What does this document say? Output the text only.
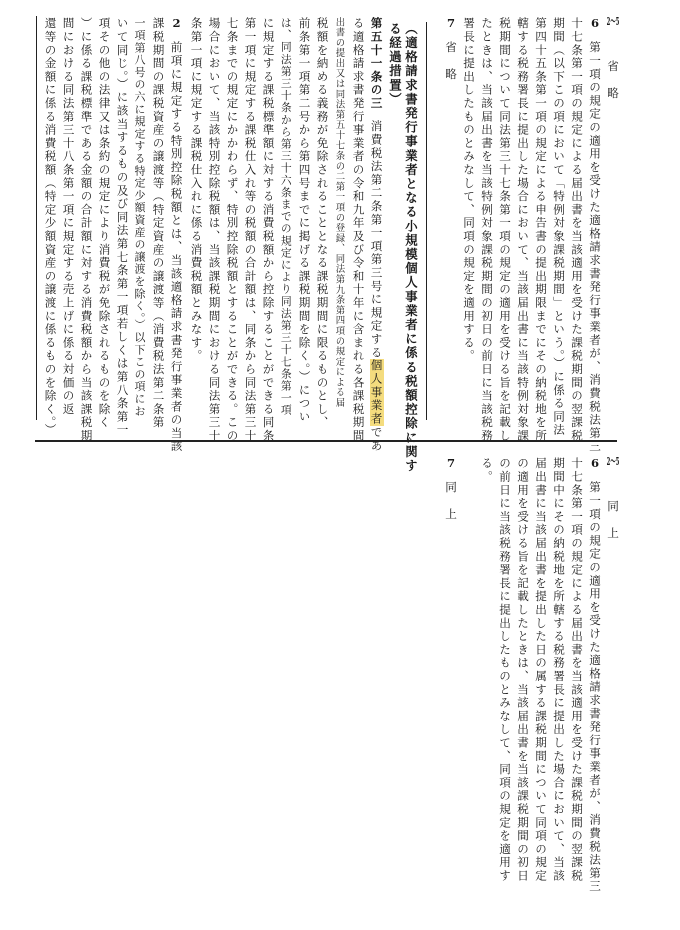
2〜5
省　略
6
第一項の規定の適用を受けた適格請求書発行事業者が、消費税法第三
十七条第一項の規定による届出書を当該適用を受けた課税期間の翌課税
期間（以下この項において「特例対象課税期間」という。）に係る同法
第四十五条第一項の規定による申告書の提出期限までにその納税地を所
轄する税務署長に提出した場合において、当該届出書に当該特例対象課
税期間について同法第三十七条第一項の規定の適用を受ける旨を記載し
たときは、当該届出書を当該特例対象課税期間の初日の前日に当該税務
署長に提出したものとみなして、同項の規定を適用する。
7
省　略
（適格請求書発行事業者となる小規模個人事業者に係る税額控除に関す
る経過措置）
第五十一条の三
消費税法第二条第一項第三号に規定する個人事業者であ
る適格請求書発行事業者の令和九年及び令和十年に含まれる各課税期間
出書の提出又は同法第五十七条の二第一項の登録、同法第九条第四項の規定による届
税額を納める義務が免除されることとなる課税期間に限るものとし、
前条第一項第二号から第四号までに掲げる課税期間を除く。）につい
は、同法第三十条から第三十六条までの規定により同法第三十七条第一項
に規定する課税標準額に対する消費税額から控除することができる同条
第一項に規定する課税仕入れ等の税額の合計額は、同条から同法第三十
七条までの規定にかかわらず、特別控除税額とすることができる。この
場合において、当該特別控除税額は、当該課税期間における同法第三十
条第一項に規定する課税仕入れに係る消費税額とみなす。
2
前項に規定する特別控除税額とは、当該適格請求書発行事業者の当該
課税期間の課税資産の譲渡等（特定資産の譲渡等（消費税法第二条第
一項第八号の六に規定する特定少額資産の譲渡を除く。）以下この項にお
いて同じ。）に該当するもの及び同法第七条第一項若しくは第八条第一
項その他の法律又は条約の規定により消費税が免除されるものを除く
）に係る課税標準である金額の合計額に対する消費税額から当該課税期
間における同法第三十八条第一項に規定する売上げに係る対価の返
還等の金額に係る消費税額（特定少額資産の譲渡に係るものを除く。）
2〜5
同　上
6
第一項の規定の適用を受けた適格請求書発行事業者が、消費税法第三
十七条第一項の規定による届出書を当該適用を受けた課税期間の翌課税
期間中にその納税地を所轄する税務署長に提出した場合において、当該
届出書に当該届出書を提出した日の属する課税期間について同項の規定
の適用を受ける旨を記載したときは、当該届出書を当該課税期間の初日
の前日に当該税務署長に提出したものとみなして、同項の規定を適用す
る。
7
同　上
